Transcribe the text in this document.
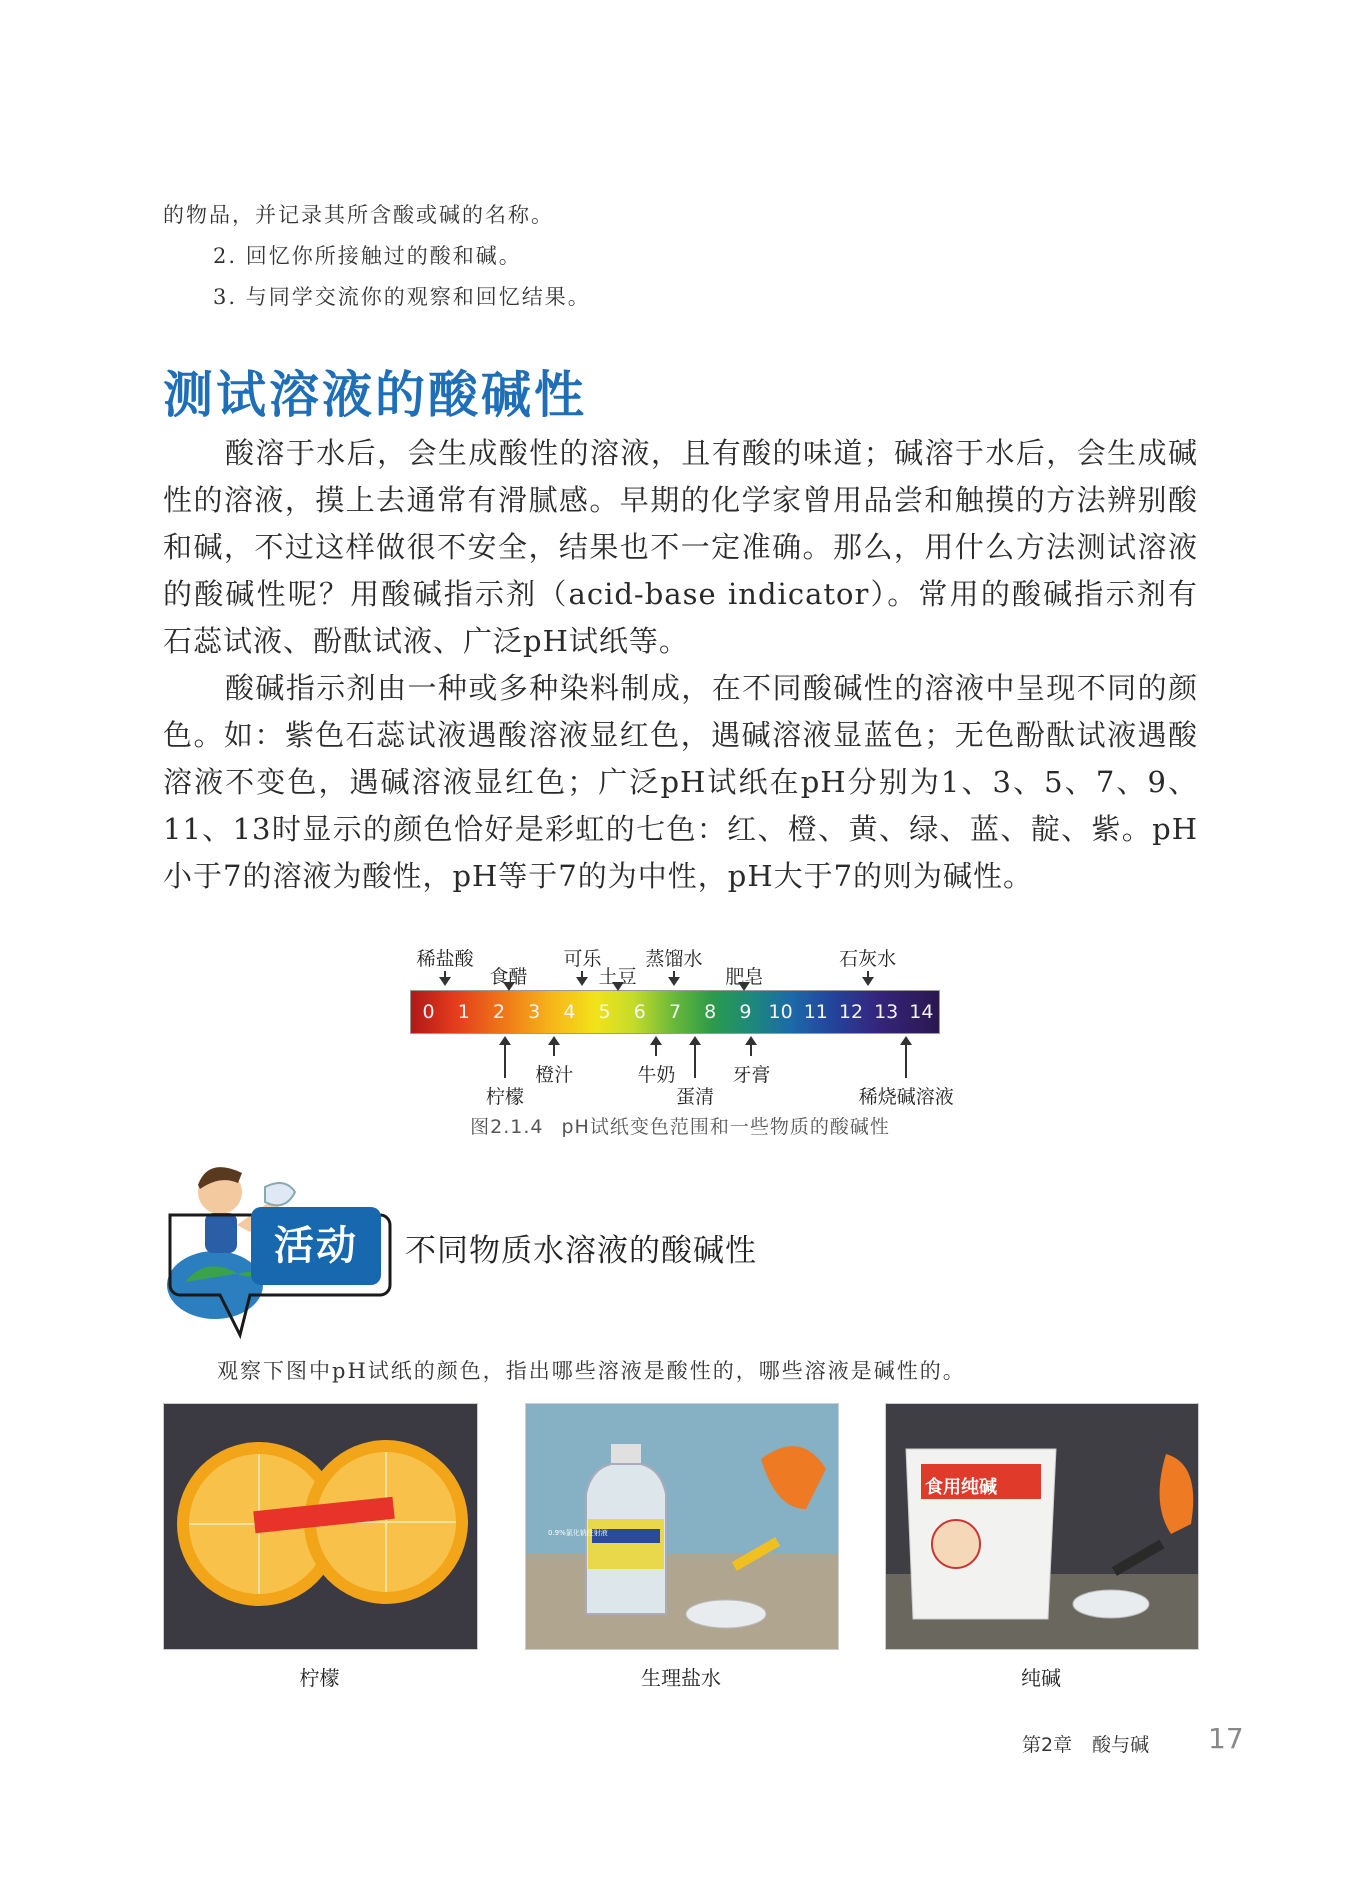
的物品，并记录其所含酸或碱的名称。
2. 回忆你所接触过的酸和碱。
3. 与同学交流你的观察和回忆结果。
测试溶液的酸碱性

酸溶于水后，会生成酸性的溶液，且有酸的味道；碱溶于水后，会生成碱性的溶液，摸上去通常有滑腻感。早期的化学家曾用品尝和触摸的方法辨别酸和碱，不过这样做很不安全，结果也不一定准确。那么，用什么方法测试溶液的酸碱性呢？用酸碱指示剂（acid-base indicator）。常用的酸碱指示剂有石蕊试液、酚酞试液、广泛pH试纸等。

酸碱指示剂由一种或多种染料制成，在不同酸碱性的溶液中呈现不同的颜色。如：紫色石蕊试液遇酸溶液显红色，遇碱溶液显蓝色；无色酚酞试液遇酸溶液不变色，遇碱溶液显红色；广泛pH试纸在pH分别为1、3、5、7、9、11、13时显示的颜色恰好是彩虹的七色：红、橙、黄、绿、蓝、靛、紫。pH小于7的溶液为酸性，pH等于7的为中性，pH大于7的则为碱性。

0	1	2	3	4	5	6	7	8	9 10 11 12 13 14
稀盐酸
食醋
可乐
土豆
蒸馏水
肥皂
石灰水
柠檬
橙汁	牛奶
蛋清
牙膏
稀烧碱溶液
图2.1.4 pH试纸变色范围和一些物质的酸碱性
活动	不同物质水溶液的酸碱性
观察下图中pH试纸的颜色，指出哪些溶液是酸性的，哪些溶液是碱性的。
0.9%氯化钠注射液
食用纯碱
柠檬	生理盐水	纯碱
第2章 酸与碱 17
